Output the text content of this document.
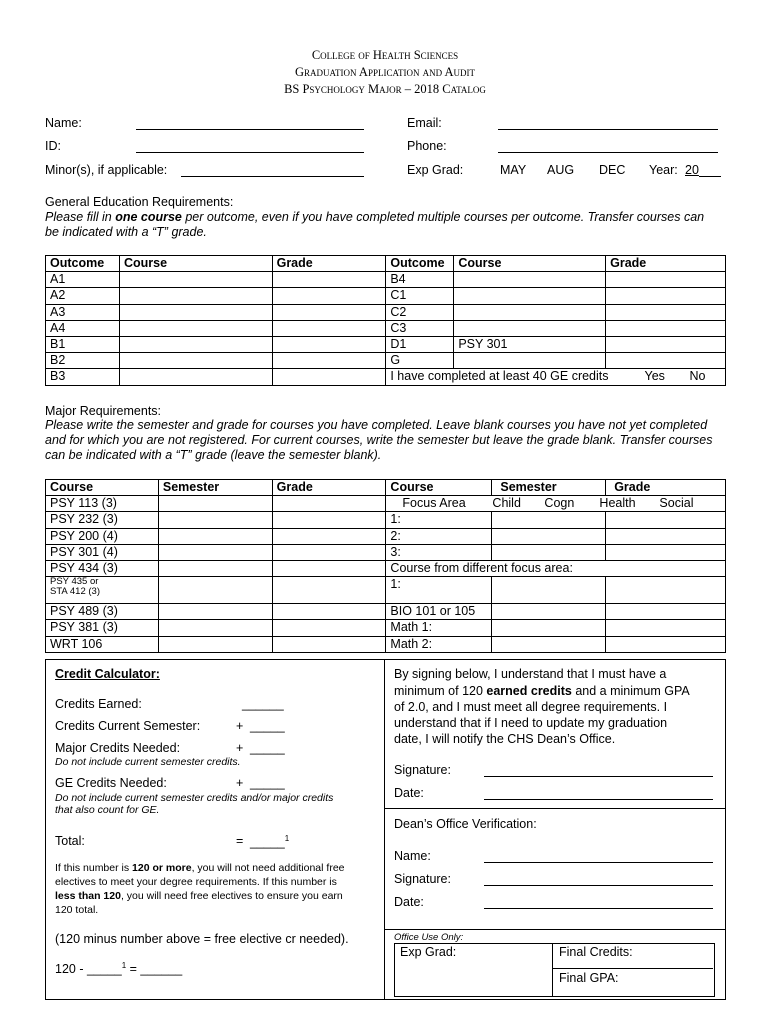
College of Health Sciences
Graduation Application and Audit
BS Psychology Major – 2018 Catalog
Name:
ID:
Minor(s), if applicable:
Email:
Phone:
Exp Grad:	MAY AUG DEC Year: 20
General Education Requirements:
Please fill in one course per outcome, even if you have completed multiple courses per outcome. Transfer courses can
be indicated with a “T” grade.
Outcome	Course	Grade	Outcome	Course	Grade
A1			B4		
A2			C1		
A3			C2		
A4			C3		
B1			D1	PSY 301	
B2			G		
B3			I have completed at least 40 GE credits Yes No		
Major Requirements:
Please write the semester and grade for courses you have completed. Leave blank courses you have not yet completed
and for which you are not registered. For current courses, write the semester but leave the grade blank. Transfer courses
can be indicated with a “T” grade (leave the semester blank).
Course	Semester	Grade	Course	Semester	Grade
PSY 113 (3)			Focus Area Child Cogn Health Social		

PSY 232 (3)			1:		
PSY 200 (4)			2:		
PSY 301 (4)			3:		
PSY 434 (3)			Course from different focus area:		

PSY 435 or
STA 412 (3)			1:		
PSY 489 (3)			BIO 101 or 105		
PSY 381 (3)			Math 1:		
WRT 106			Math 2:		
Credit Calculator:
Credits Earned:	______
Credits Current Semester:	+ _____
Major Credits Needed:	+ _____
Do not include current semester credits.
GE Credits Needed:	+ _____
Do not include current semester credits and/or major credits
that also count for GE.
Total:	= _____$^1$
If this number is 120 or more, you will not need additional free
electives to meet your degree requirements. If this number is
less than 120, you will need free electives to ensure you earn
120 total.
(120 minus number above = free elective cr needed).
120 - _____$^1$ = ______
By signing below, I understand that I must have a
minimum of 120 earned credits and a minimum GPA
of 2.0, and I must meet all degree requirements. I
understand that if I need to update my graduation
date, I will notify the CHS Dean’s Office.
Signature:
Date:
Dean’s Office Verification:
Name:
Signature:
Date:
Office Use Only:
Exp Grad:	Final Credits:
Final GPA:
